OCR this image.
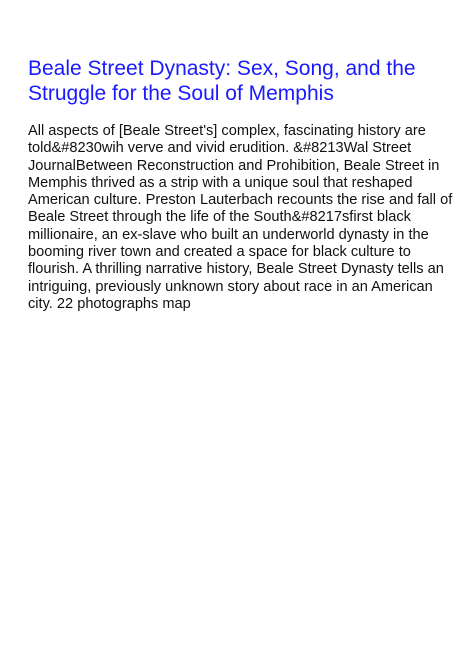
Beale Street Dynasty: Sex, Song, and the Struggle for the Soul of Memphis

All aspects of [Beale Street's] complex, fascinating history are told&#8230wih verve and vivid erudition. &#8213Wal Street JournalBetween Reconstruction and Prohibition, Beale Street in Memphis thrived as a strip with a unique soul that reshaped American culture. Preston Lauterbach recounts the rise and fall of Beale Street through the life of the South&#8217sfirst black millionaire, an ex-slave who built an underworld dynasty in the booming river town and created a space for black culture to flourish. A thrilling narrative history, Beale Street Dynasty tells an intriguing, previously unknown story about race in an American city. 22 photographs map
